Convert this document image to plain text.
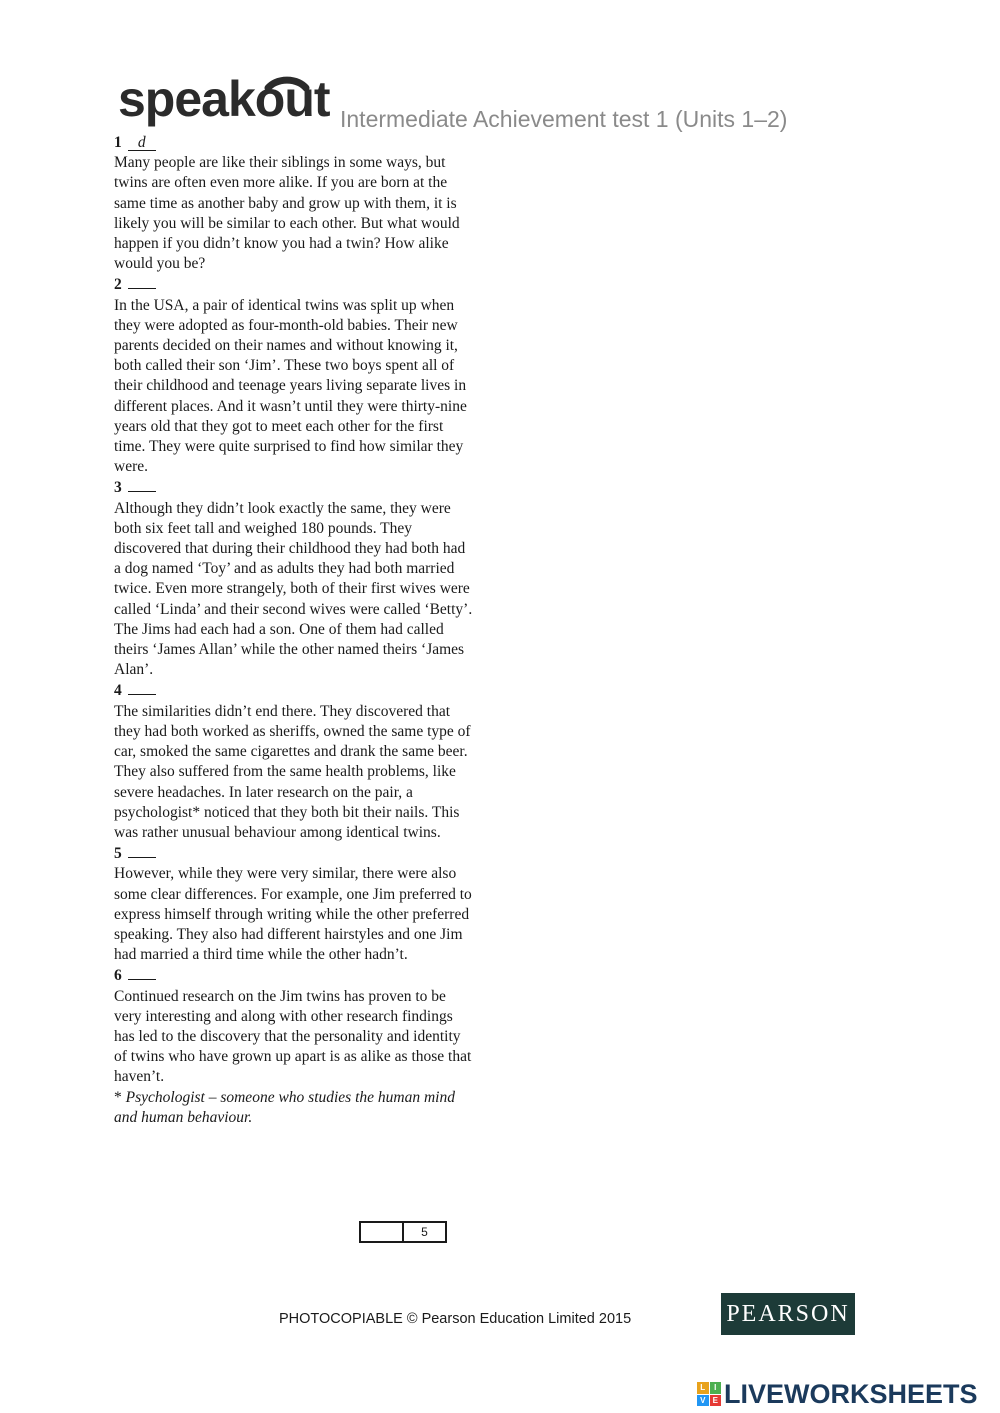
speakout Intermediate Achievement test 1 (Units 1–2)
1 d
Many people are like their siblings in some ways, but twins are often even more alike. If you are born at the same time as another baby and grow up with them, it is likely you will be similar to each other. But what would happen if you didn’t know you had a twin? How alike would you be?
2
In the USA, a pair of identical twins was split up when they were adopted as four-month-old babies. Their new parents decided on their names and without knowing it, both called their son ‘Jim’. These two boys spent all of their childhood and teenage years living separate lives in different places. And it wasn’t until they were thirty-nine years old that they got to meet each other for the first time. They were quite surprised to find how similar they were.
3
Although they didn’t look exactly the same, they were both six feet tall and weighed 180 pounds. They discovered that during their childhood they had both had a dog named ‘Toy’ and as adults they had both married twice. Even more strangely, both of their first wives were called ‘Linda’ and their second wives were called ‘Betty’. The Jims had each had a son. One of them had called theirs ‘James Allan’ while the other named theirs ‘James Alan’.
4
The similarities didn’t end there. They discovered that they had both worked as sheriffs, owned the same type of car, smoked the same cigarettes and drank the same beer. They also suffered from the same health problems, like severe headaches. In later research on the pair, a psychologist* noticed that they both bit their nails. This was rather unusual behaviour among identical twins.
5
However, while they were very similar, there were also some clear differences. For example, one Jim preferred to express himself through writing while the other preferred speaking. They also had different hairstyles and one Jim had married a third time while the other hadn’t.
6
Continued research on the Jim twins has proven to be very interesting and along with other research findings has led to the discovery that the personality and identity of twins who have grown up apart is as alike as those that haven’t.
* Psychologist – someone who studies the human mind and human behaviour.
5
PHOTOCOPIABLE © Pearson Education Limited 2015	PEARSON
L	I
V E LIVEWORKSHEETS
